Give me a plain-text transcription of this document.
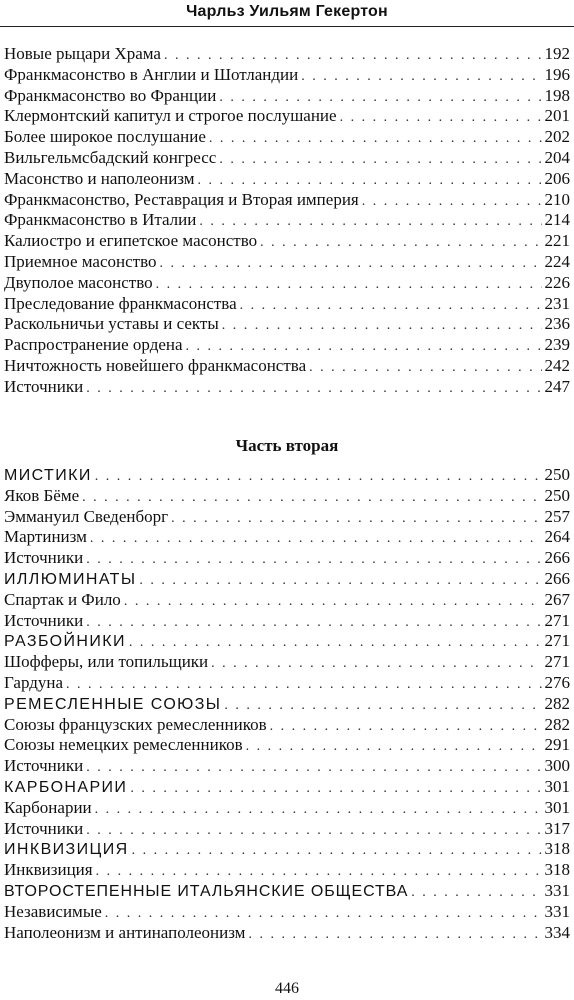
Чарльз Уильям Гекертон
Новые рыцари Храма . . .	192
Франкмасонство в Англии и Шотландии . . .	196
Франкмасонство во Франции . . .	198
Клермонтский капитул и строгое послушание . . .	201
Более широкое послушание . . .	202
Вильгельмсбадский конгресс . . .	204
Масонство и наполеонизм . . .	206
Франкмасонство, Реставрация и Вторая империя . . .	210
Франкмасонство в Италии . . .	214
Калиостро и египетское масонство . . .	221
Приемное масонство . . .	224
Двуполое масонство . . .	226
Преследование франкмасонства . . .	231
Раскольничьи уставы и секты . . .	236
Распространение ордена . . .	239
Ничтожность новейшего франкмасонства . . .	242
Источники . . .	247
Часть вторая
МИСТИКИ . . .	250
Яков Бёме . . .	250
Эммануил Сведенборг . . .	257
Мартинизм . . .	264
Источники . . .	266
ИЛЛЮМИНАТЫ . . .	266
Спартак и Фило . . .	267
Источники . . .	271
РАЗБОЙНИКИ . . .	271
Шофферы, или топильщики . . .	271
Гардуна . . .	276
РЕМЕСЛЕННЫЕ СОЮЗЫ . . .	282
Союзы французских ремесленников . . .	282
Союзы немецких ремесленников . . .	291
Источники . . .	300
КАРБОНАРИИ . . .	301
Карбонарии . . .	301
Источники . . .	317
ИНКВИЗИЦИЯ . . .	318
Инквизиция . . .	318
ВТОРОСТЕПЕННЫЕ ИТАЛЬЯНСКИЕ ОБЩЕСТВА . . .	331
Независимые . . .	331
Наполеонизм и антинаполеонизм . . .	334
446
